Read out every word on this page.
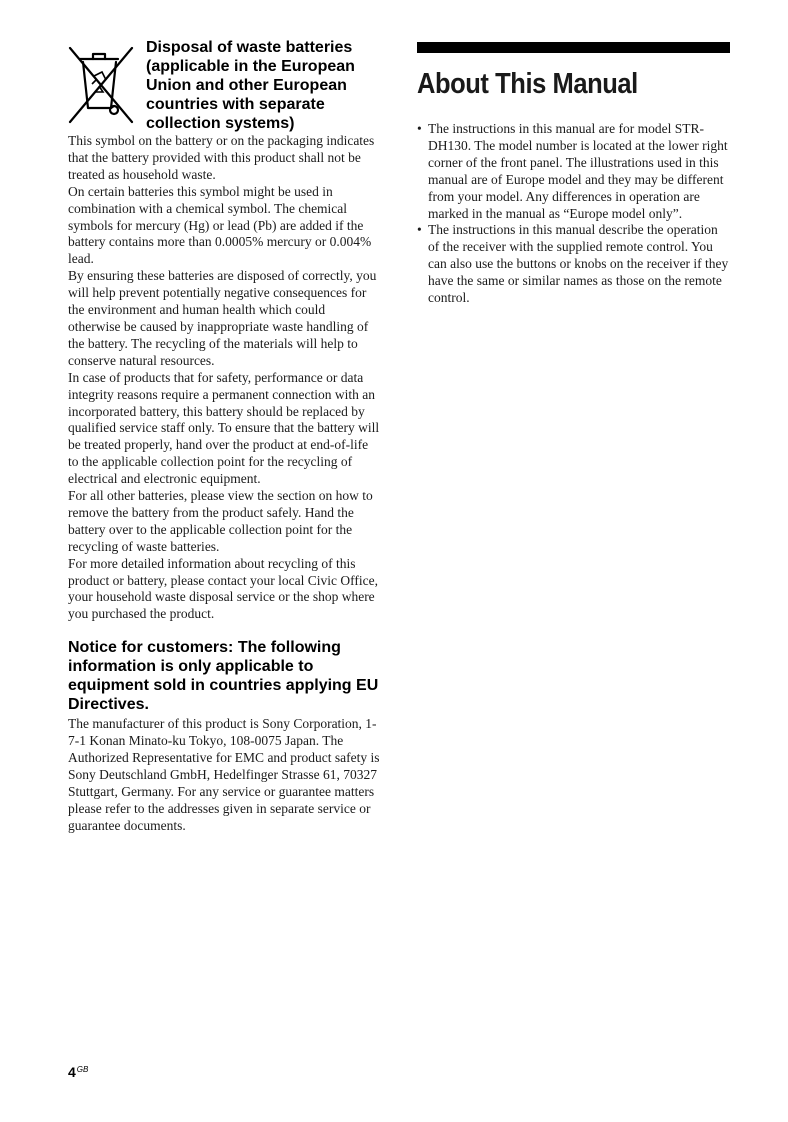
Disposal of waste batteries (applicable in the European Union and other European countries with separate collection systems)

This symbol on the battery or on the packaging indicates that the battery provided with this product shall not be treated as household waste.

On certain batteries this symbol might be used in combination with a chemical symbol. The chemical symbols for mercury (Hg) or lead (Pb) are added if the battery contains more than 0.0005% mercury or 0.004% lead.

By ensuring these batteries are disposed of correctly, you will help prevent potentially negative consequences for the environment and human health which could otherwise be caused by inappropriate waste handling of the battery. The recycling of the materials will help to conserve natural resources.

In case of products that for safety, performance or data integrity reasons require a permanent connection with an incorporated battery, this battery should be replaced by qualified service staff only. To ensure that the battery will be treated properly, hand over the product at end-of-life to the applicable collection point for the recycling of electrical and electronic equipment.

For all other batteries, please view the section on how to remove the battery from the product safely. Hand the battery over to the applicable collection point for the recycling of waste batteries.

For more detailed information about recycling of this product or battery, please contact your local Civic Office, your household waste disposal service or the shop where you purchased the product.

Notice for customers: The following information is only applicable to equipment sold in countries applying EU Directives.

The manufacturer of this product is Sony Corporation, 1-7-1 Konan Minato-ku Tokyo, 108-0075 Japan. The Authorized Representative for EMC and product safety is Sony Deutschland GmbH, Hedelfinger Strasse 61, 70327 Stuttgart, Germany. For any service or guarantee matters please refer to the addresses given in separate service or guarantee documents.

About This Manual
• The instructions in this manual are for model STR-DH130. The model number is located at the lower right corner of the front panel. The illustrations used in this manual are of Europe model and they may be different from your model. Any differences in operation are marked in the manual as “Europe model only”.
• The instructions in this manual describe the operation of the receiver with the supplied remote control. You can also use the buttons or knobs on the receiver if they have the same or similar names as those on the remote control.
$4^{GB}$
